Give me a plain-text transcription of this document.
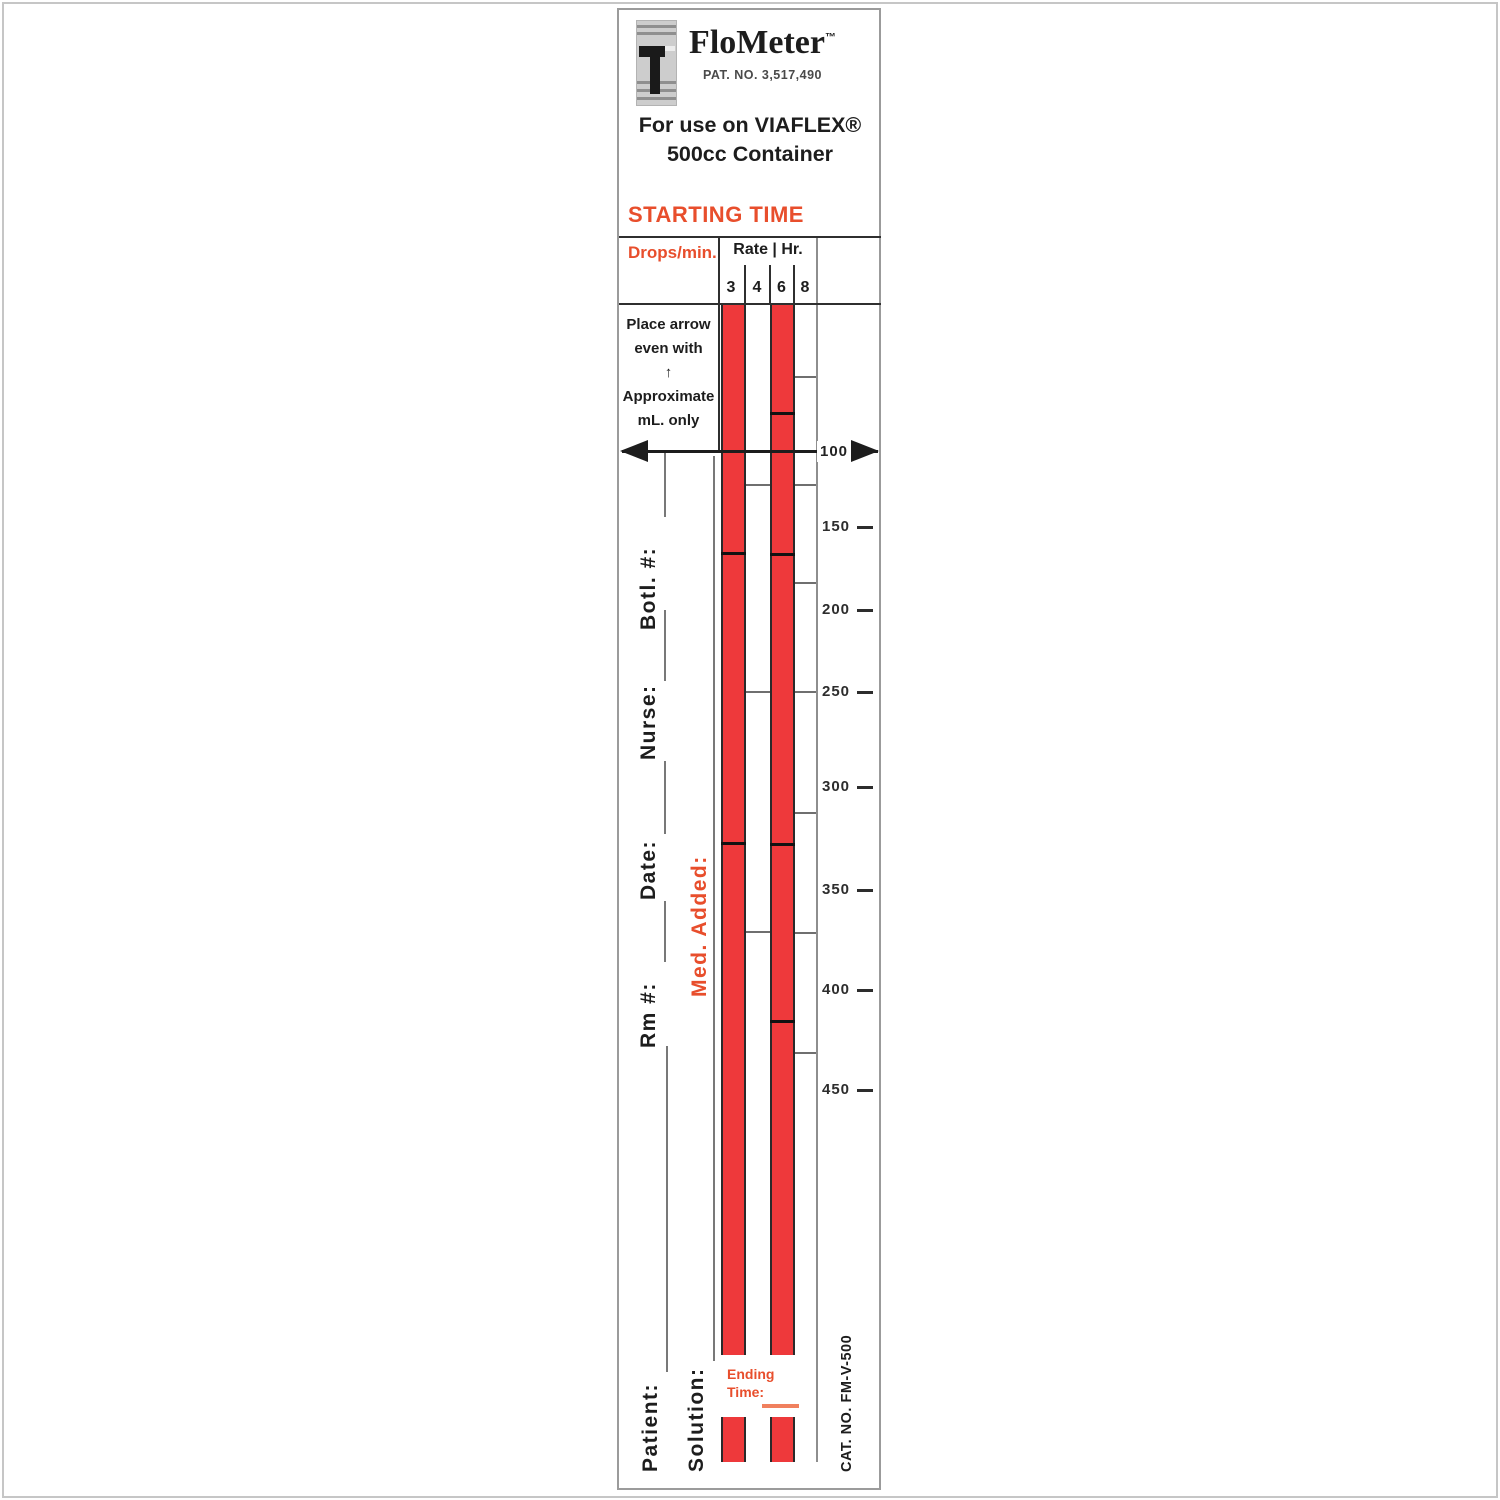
FloMeter™
PAT. NO. 3,517,490
For use on VIAFLEX®
500cc Container
STARTING TIME
Drops/min.	Rate | Hr.
3	4 6 8
Place arrow
even with
↑
Approximate
mL. only
100
150
200
250
300
350
400
450
Botl. #:
Nurse:
Date:
Rm #:
Patient: Solution:
Med. Added:
CAT. NO. FM-V-500
Ending
Time:
